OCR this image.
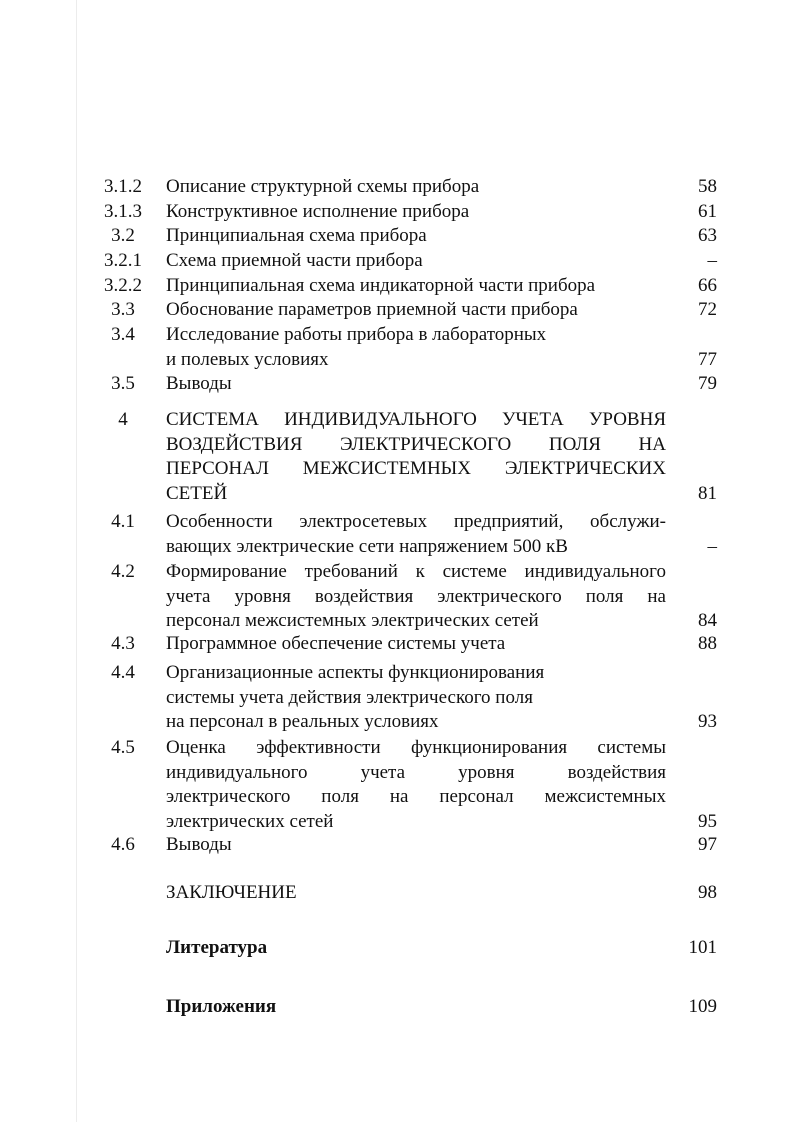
3.1.2	Описание структурной схемы прибора	58
3.1.3	Конструктивное исполнение прибора	61
3.2	Принципиальная схема прибора	63
3.2.1	Схема приемной части прибора	–
3.2.2	Принципиальная схема индикаторной части прибора	66
3.3	Обоснование параметров приемной части прибора	72
3.4	Исследование работы прибора в лабораторных
и полевых условиях	77
3.5	Выводы	79
4	СИСТЕМА ИНДИВИДУАЛЬНОГО УЧЕТА УРОВНЯ
ВОЗДЕЙСТВИЯ ЭЛЕКТРИЧЕСКОГО ПОЛЯ НА
ПЕРСОНАЛ МЕЖСИСТЕМНЫХ ЭЛЕКТРИЧЕСКИХ
СЕТЕЙ	81
4.1	Особенности электросетевых предприятий, обслужи-
вающих электрические сети напряжением 500 кВ	–
4.2	Формирование требований к системе индивидуального
учета уровня воздействия электрического поля на
персонал межсистемных электрических сетей	84
4.3	Программное обеспечение системы учета	88
4.4	Организационные аспекты функционирования
системы учета действия электрического поля
на персонал в реальных условиях	93
4.5	Оценка эффективности функционирования системы
индивидуального учета уровня воздействия
электрического поля на персонал межсистемных
электрических сетей	95
4.6	Выводы	97
ЗАКЛЮЧЕНИЕ	98
Литература	101
Приложения	109
